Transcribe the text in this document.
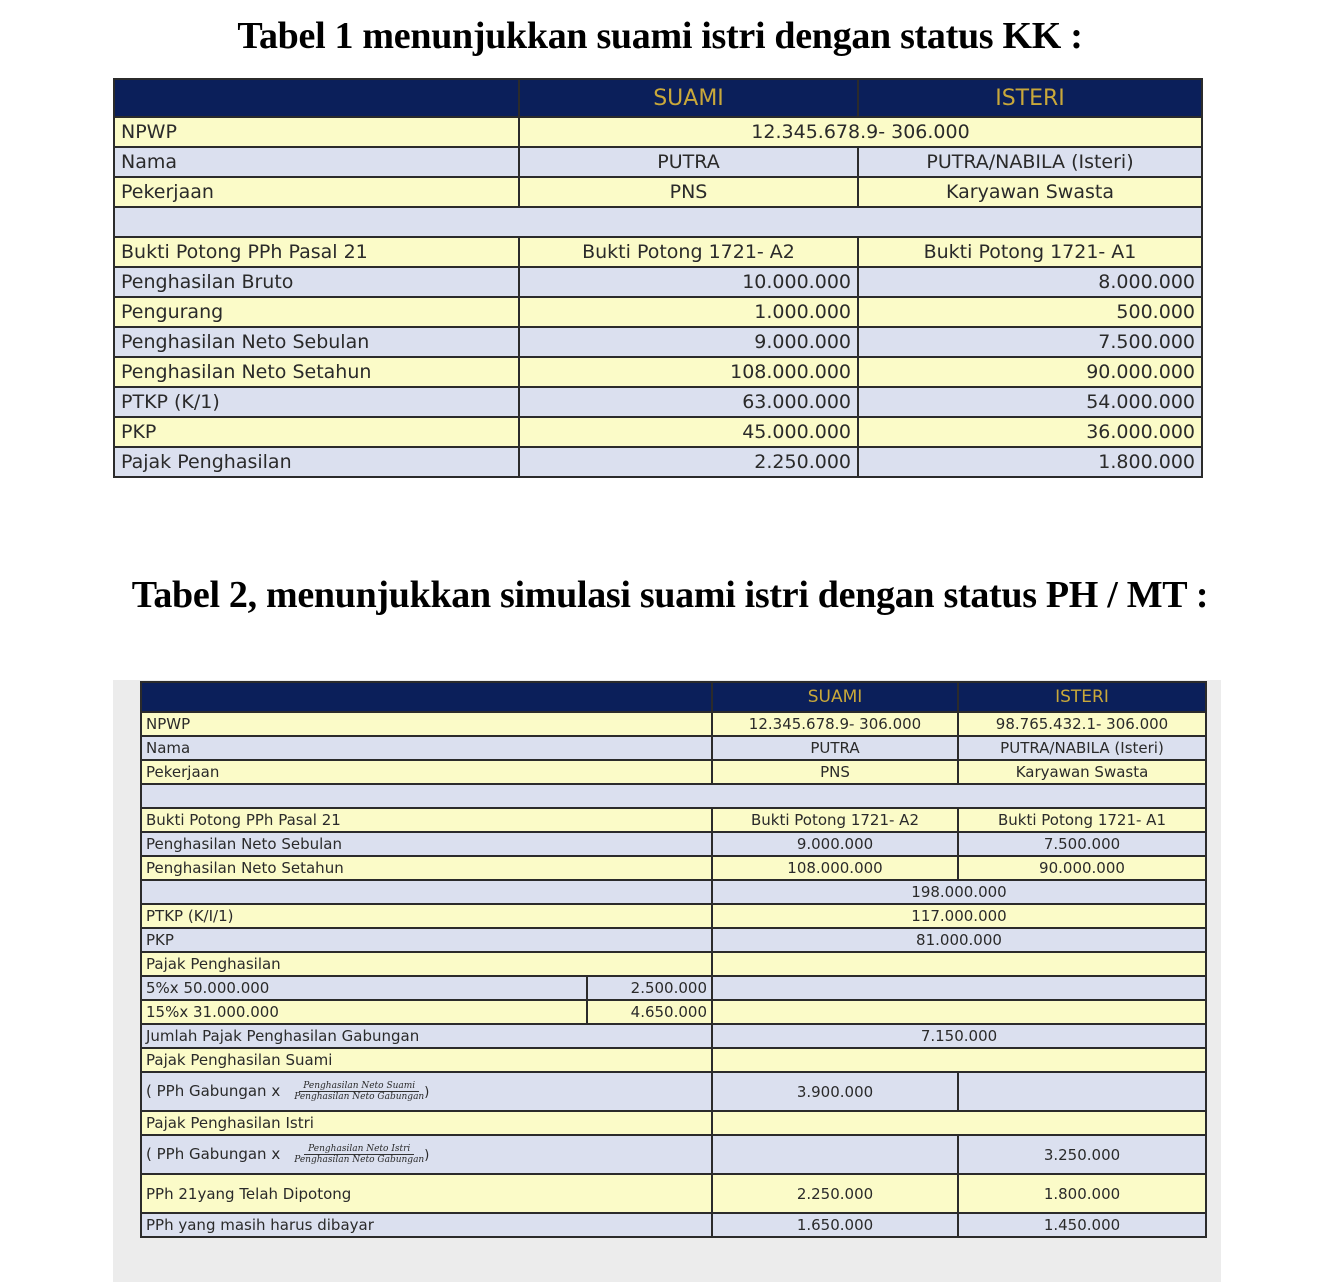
Tabel 1 menunjukkan suami istri dengan status KK :
	SUAMI	ISTERI
NPWP	12.345.678.9- 306.000	
Nama	PUTRA	PUTRA/NABILA (Isteri)
Pekerjaan	PNS	Karyawan Swasta

Bukti Potong PPh Pasal 21	Bukti Potong 1721- A2	Bukti Potong 1721- A1
Penghasilan Bruto	10.000.000	8.000.000
Pengurang	1.000.000	500.000
Penghasilan Neto Sebulan	9.000.000	7.500.000
Penghasilan Neto Setahun	108.000.000	90.000.000
PTKP (K/1)	63.000.000	54.000.000
PKP	45.000.000	36.000.000
Pajak Penghasilan	2.250.000	1.800.000
Tabel 2, menunjukkan simulasi suami istri dengan status PH / MT :
		SUAMI	ISTERI
NPWP		12.345.678.9- 306.000	98.765.432.1- 306.000
Nama		PUTRA	PUTRA/NABILA (Isteri)
Pekerjaan		PNS	Karyawan Swasta

Bukti Potong PPh Pasal 21		Bukti Potong 1721- A2	Bukti Potong 1721- A1
Penghasilan Neto Sebulan		9.000.000	7.500.000
Penghasilan Neto Setahun		108.000.000	90.000.000
		198.000.000	
PTKP (K/I/1)		117.000.000	
PKP		81.000.000	
Pajak Penghasilan			
5%x 50.000.000	2.500.000		
15%x 31.000.000	4.650.000		
Jumlah Pajak Penghasilan Gabungan		7.150.000	
Pajak Penghasilan Suami			
( PPh Gabungan x $\frac{\text{Penghasilan Neto Suami}}{\text{Penghasilan Neto Gabungan}}$ )		3.900.000	
Pajak Penghasilan Istri			
( PPh Gabungan x $\frac{\text{Penghasilan Neto Istri}}{\text{Penghasilan Neto Gabungan}}$ )			3.250.000
PPh 21yang Telah Dipotong		2.250.000	1.800.000
PPh yang masih harus dibayar		1.650.000	1.450.000
